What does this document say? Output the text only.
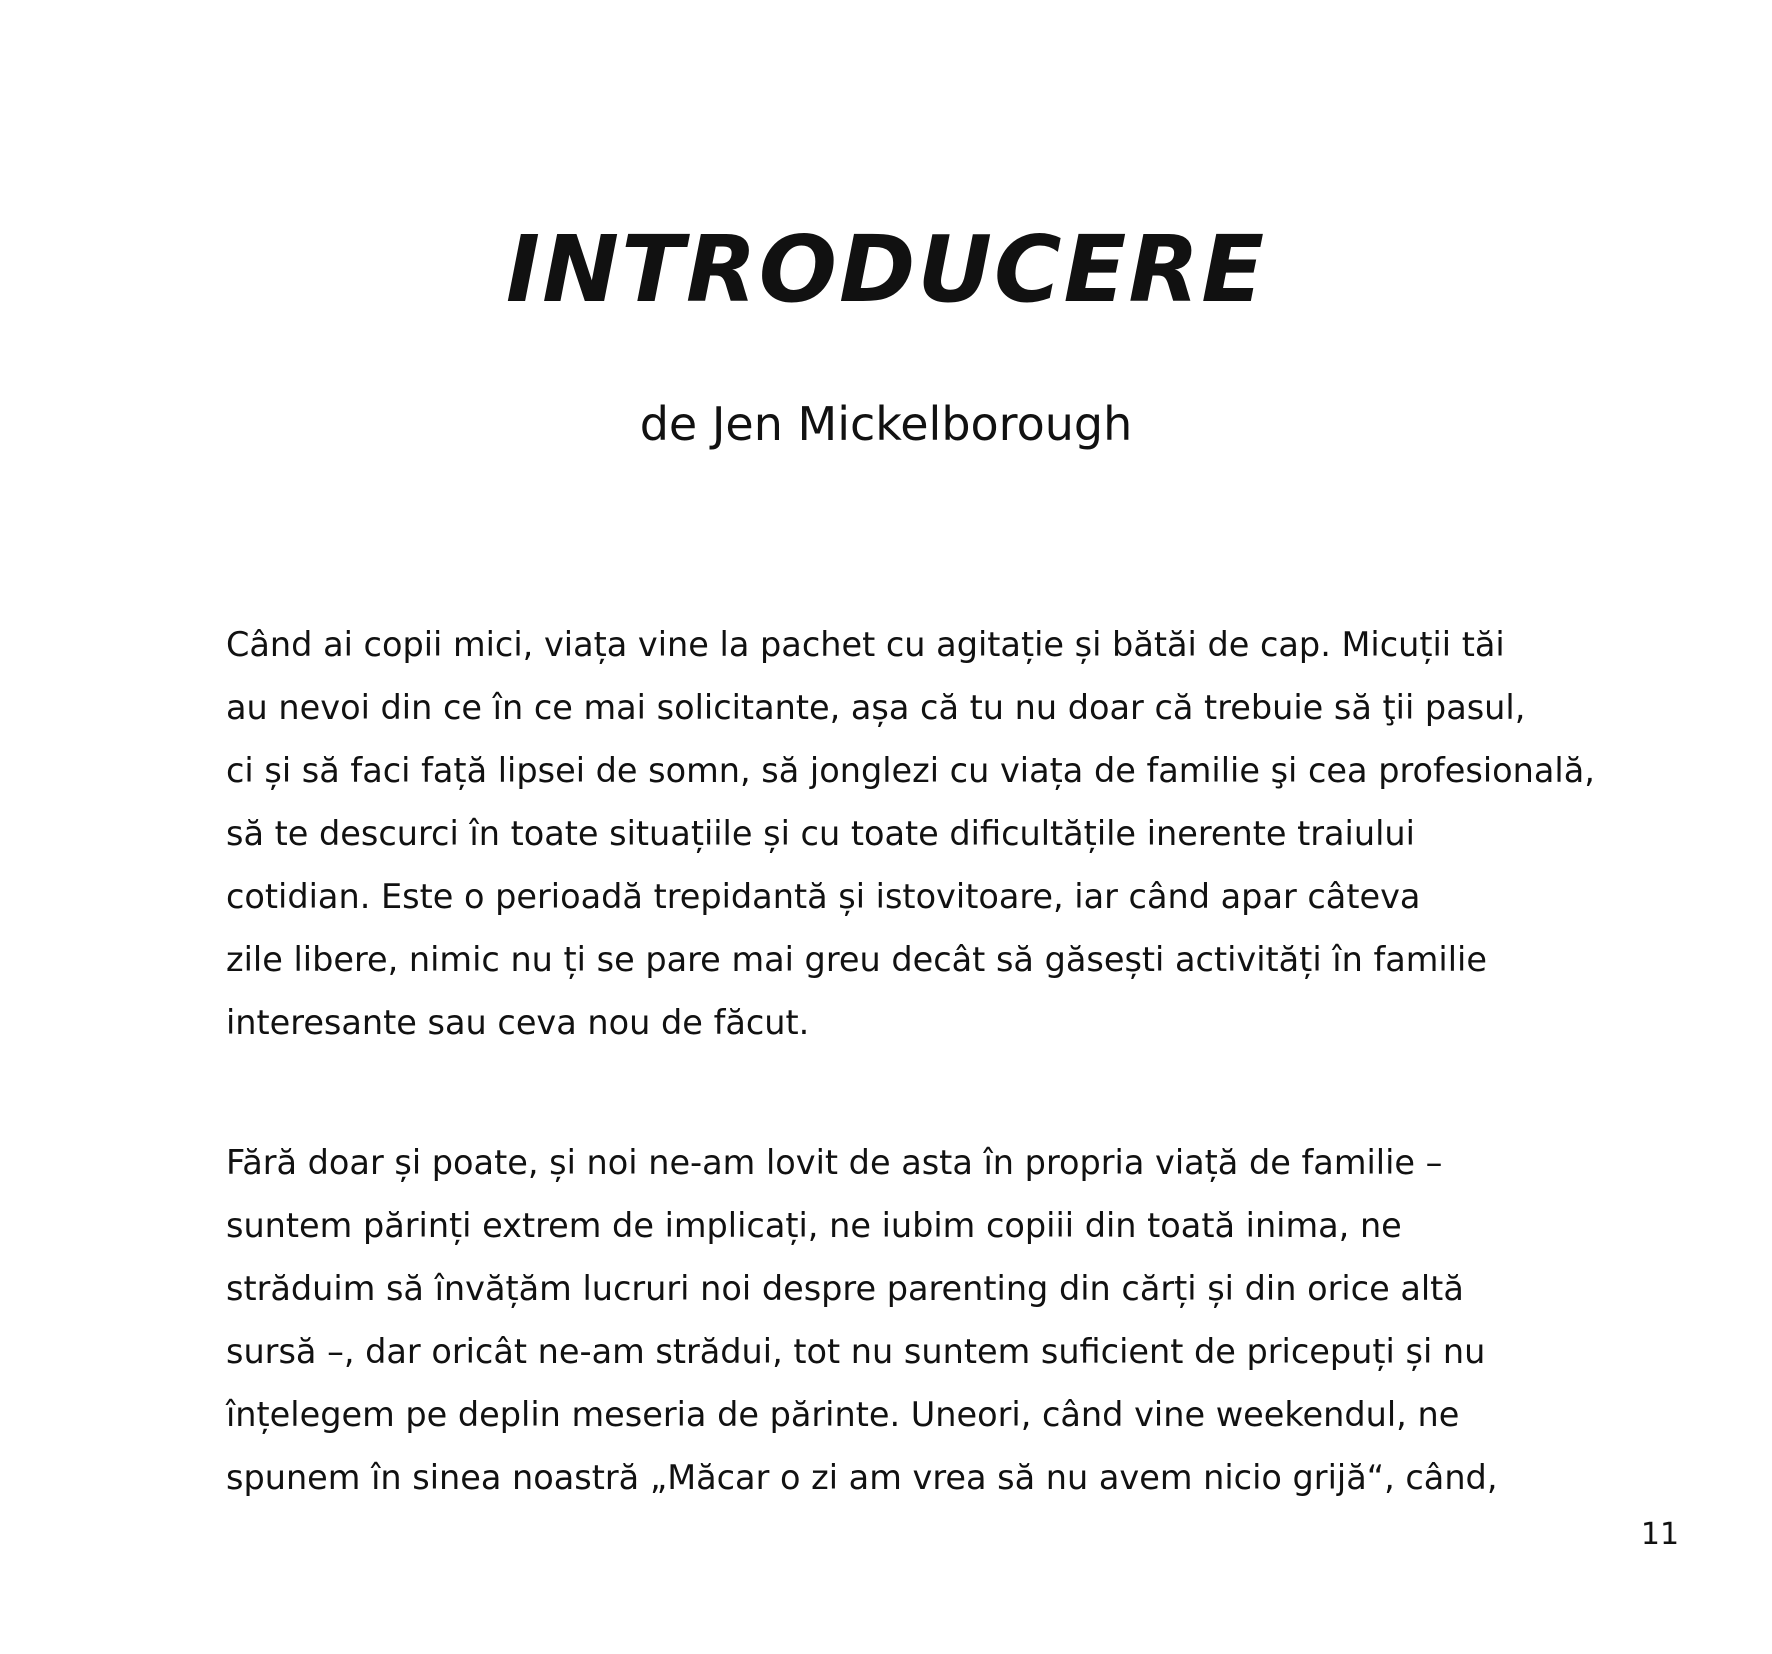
INTRODUCERE
de Jen Mickelborough
Când ai copii mici, viața vine la pachet cu agitație și bătăi de cap. Micuții tăi
au nevoi din ce în ce mai solicitante, așa că tu nu doar că trebuie să ţii pasul,
ci și să faci față lipsei de somn, să jonglezi cu viața de familie şi cea profesională,
să te descurci în toate situațiile și cu toate dificultățile inerente traiului
cotidian. Este o perioadă trepidantă și istovitoare, iar când apar câteva
zile libere, nimic nu ți se pare mai greu decât să găsești activități în familie
interesante sau ceva nou de făcut.
Fără doar și poate, și noi ne-am lovit de asta în propria viață de familie –
suntem părinți extrem de implicați, ne iubim copiii din toată inima, ne
străduim să învățăm lucruri noi despre parenting din cărți și din orice altă
sursă –, dar oricât ne-am strădui, tot nu suntem suficient de pricepuți și nu
înțelegem pe deplin meseria de părinte. Uneori, când vine weekendul, ne
spunem în sinea noastră „Măcar o zi am vrea să nu avem nicio grijă“, când,
11
